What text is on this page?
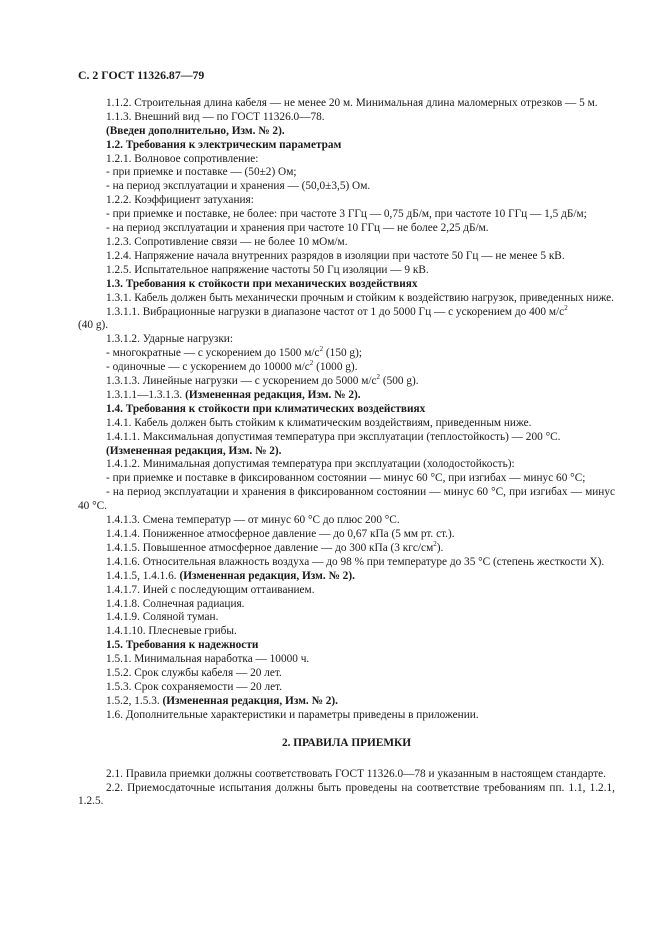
С. 2 ГОСТ 11326.87—79

1.1.2. Строительная длина кабеля — не менее 20 м. Минимальная длина маломерных отрезков — 5 м.

1.1.3. Внешний вид — по ГОСТ 11326.0—78.

(Введен дополнительно, Изм. № 2).

1.2. Требования к электрическим параметрам

1.2.1. Волновое сопротивление:

- при приемке и поставке — (50±2) Ом;

- на период эксплуатации и хранения — (50,0±3,5) Ом.

1.2.2. Коэффициент затухания:

- при приемке и поставке, не более: при частоте 3 ГГц — 0,75 дБ/м, при частоте 10 ГГц — 1,5 дБ/м;

- на период эксплуатации и хранения при частоте 10 ГГц — не более 2,25 дБ/м.

1.2.3. Сопротивление связи — не более 10 мОм/м.

1.2.4. Напряжение начала внутренних разрядов в изоляции при частоте 50 Гц — не менее 5 кВ.

1.2.5. Испытательное напряжение частоты 50 Гц изоляции — 9 кВ.

1.3. Требования к стойкости при механических воздействиях

1.3.1. Кабель должен быть механически прочным и стойким к воздействию нагрузок, приведенных ниже.

1.3.1.1. Вибрационные нагрузки в диапазоне частот от 1 до 5000 Гц — с ускорением до 400 $м/с^2$

(40 g).

1.3.1.2. Ударные нагрузки:

- многократные — с ускорением до 1500 $м/с^2$ (150 g);

- одиночные — с ускорением до 10000 $м/с^2$ (1000 g).

1.3.1.3. Линейные нагрузки — с ускорением до 5000 $м/с^2$ (500 g).

1.3.1.1—1.3.1.3. (Измененная редакция, Изм. № 2).

1.4. Требования к стойкости при климатических воздействиях

1.4.1. Кабель должен быть стойким к климатическим воздействиям, приведенным ниже.

1.4.1.1. Максимальная допустимая температура при эксплуатации (теплостойкость) — 200 °С.

(Измененная редакция, Изм. № 2).

1.4.1.2. Минимальная допустимая температура при эксплуатации (холодостойкость):

- при приемке и поставке в фиксированном состоянии — минус 60 °С, при изгибах — минус 60 °С;

- на период эксплуатации и хранения в фиксированном состоянии — минус 60 °С, при изгибах — минус 40 °С.

1.4.1.3. Смена температур — от минус 60 °С до плюс 200 °С.

1.4.1.4. Пониженное атмосферное давление — до 0,67 кПа (5 мм рт. ст.).

1.4.1.5. Повышенное атмосферное давление — до 300 кПа (3 кгс/$см^2$).

1.4.1.6. Относительная влажность воздуха — до 98 % при температуре до 35 °С (степень жесткости X).

1.4.1.5, 1.4.1.6. (Измененная редакция, Изм. № 2).

1.4.1.7. Иней с последующим оттаиванием.

1.4.1.8. Солнечная радиация.

1.4.1.9. Соляной туман.

1.4.1.10. Плесневые грибы.

1.5. Требования к надежности

1.5.1. Минимальная наработка — 10000 ч.

1.5.2. Срок службы кабеля — 20 лет.

1.5.3. Срок сохраняемости — 20 лет.

1.5.2, 1.5.3. (Измененная редакция, Изм. № 2).

1.6. Дополнительные характеристики и параметры приведены в приложении.

2. ПРАВИЛА ПРИЕМКИ

2.1. Правила приемки должны соответствовать ГОСТ 11326.0—78 и указанным в настоящем стандарте.

2.2. Приемосдаточные испытания должны быть проведены на соответствие требованиям пп. 1.1, 1.2.1, 1.2.5.
